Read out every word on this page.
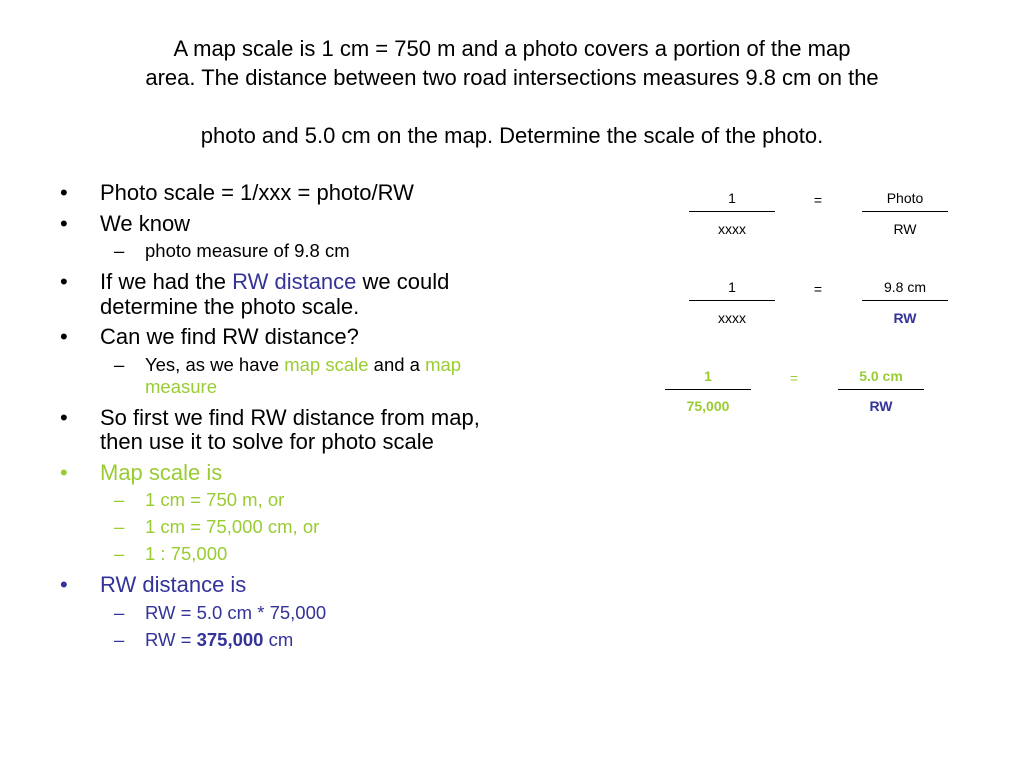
A map scale is 1 cm = 750 m and a photo covers a portion of the map
area. The distance between two road intersections measures 9.8 cm on the
photo and 5.0 cm on the map. Determine the scale of the photo.
• Photo scale = 1/xxx = photo/RW
• We know
– photo measure of 9.8 cm
• If we had the RW distance we could determine the photo scale.
• Can we find RW distance?
– Yes, as we have map scale and a map measure
• So first we find RW distance from map, then use it to solve for photo scale
• Map scale is
– 1 cm = 750 m, or
– 1 cm = 75,000 cm, or
– 1 : 75,000
• RW distance is
– RW = 5.0 cm * 75,000
– RW = 375,000 cm
1
xxxx
=	Photo
RW
1
xxxx
=	9.8 cm
RW
1
75,000
=	5.0 cm
RW
